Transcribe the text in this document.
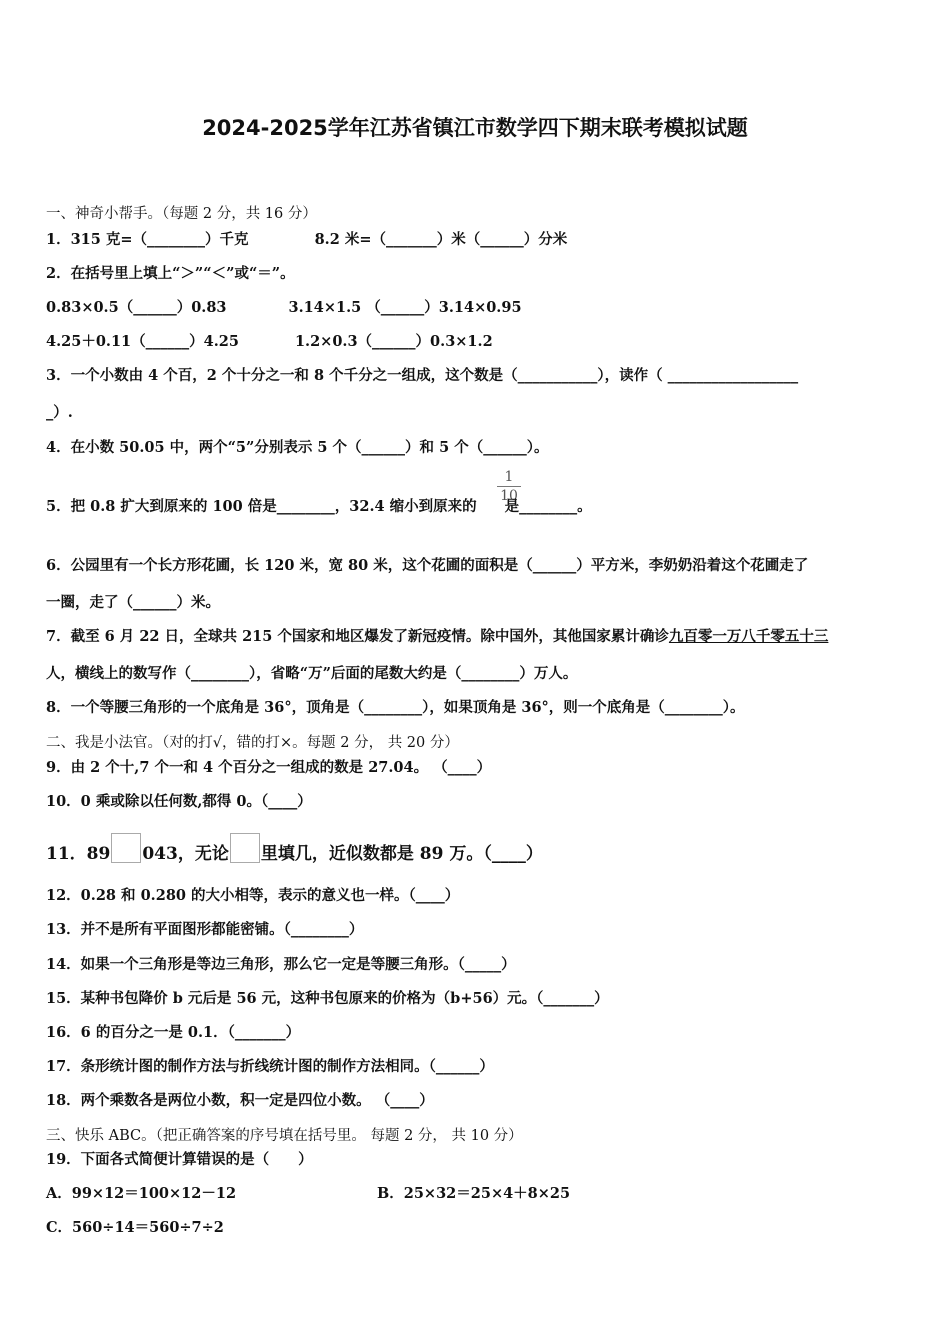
2024-2025学年江苏省镇江市数学四下期末联考模拟试题
一、神奇小帮手。（每题 2 分，共 16 分）
1．315 克=（________）千克	8.2 米=（_______）米（______）分米
2．在括号里上填上“＞”“＜”或“＝”。
0.83×0.5（______）0.83	3.14×1.5 （______）3.14×0.95
4.25＋0.11（______）4.25	1.2×0.3（______）0.3×1.2
3．一个小数由 4 个百，2 个十分之一和 8 个千分之一组成，这个数是（___________），读作（ __________________
_）.
4．在小数 50.05 中，两个“5”分别表示 5 个（______）和 5 个（______）。
$\frac{1}{10}$
5．把 0.8 扩大到原来的 100 倍是________，32.4 缩小到原来的 是________。
6．公园里有一个长方形花圃，长 120 米，宽 80 米，这个花圃的面积是（______）平方米，李奶奶沿着这个花圃走了
一圈，走了（______）米。
7．截至 6 月 22 日，全球共 215 个国家和地区爆发了新冠疫情。除中国外，其他国家累计确诊九百零一万八千零五十三
人，横线上的数写作（________），省略“万”后面的尾数大约是（________）万人。
8．一个等腰三角形的一个底角是 36°，顶角是（________），如果顶角是 36°，则一个底角是（________）。
二、我是小法官。（对的打√，错的打×。每题 2 分， 共 20 分）
9．由 2 个十,7 个一和 4 个百分之一组成的数是 27.04。 （____）
10．0 乘或除以任何数,都得 0。（____）
11．89 043，无论 里填几，近似数都是 89 万。（____）
12．0.28 和 0.280 的大小相等，表示的意义也一样。（____）
13．并不是所有平面图形都能密铺。（________）
14．如果一个三角形是等边三角形，那么它一定是等腰三角形。（_____）
15．某种书包降价 b 元后是 56 元，这种书包原来的价格为（b+56）元。（_______）
16．6 的百分之一是 0.1．（_______）
17．条形统计图的制作方法与折线统计图的制作方法相同。（______）
18．两个乘数各是两位小数，积一定是四位小数。 （____）
三、快乐 ABC。（把正确答案的序号填在括号里。 每题 2 分， 共 10 分）
19．下面各式简便计算错误的是（　　）
A．99×12＝100×12－12	B．25×32＝25×4＋8×25
C．560÷14＝560÷7÷2
